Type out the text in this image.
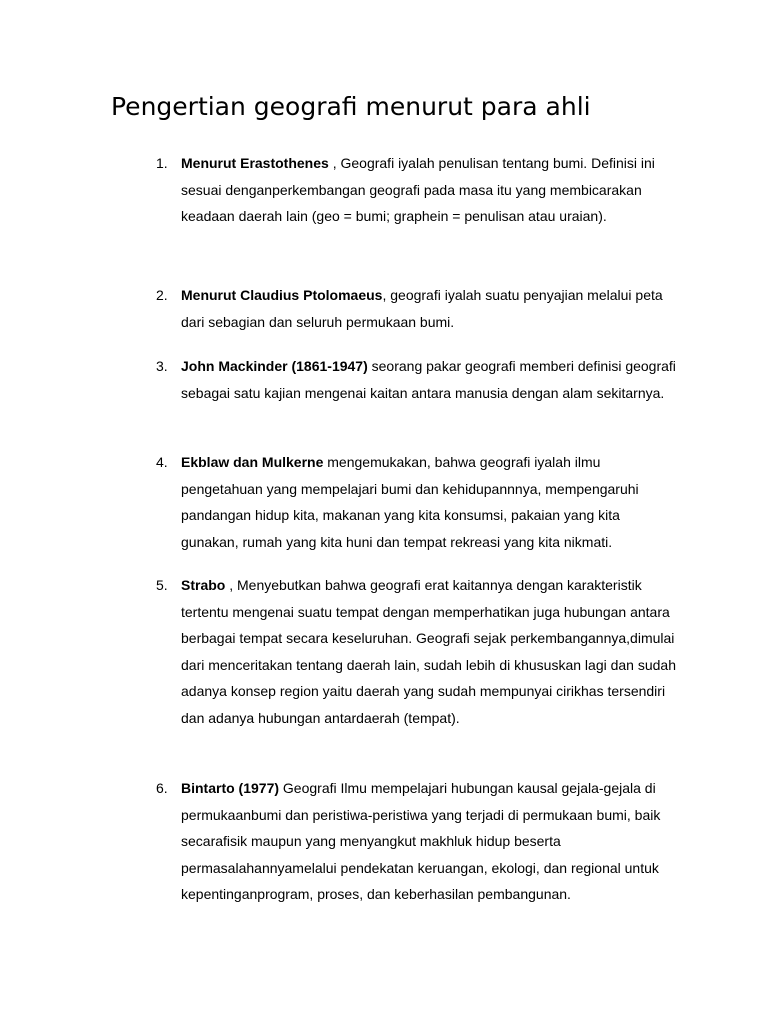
Pengertian geografi menurut para ahli
1. Menurut Erastothenes , Geografi iyalah penulisan tentang bumi. Definisi ini sesuai denganperkembangan geografi pada masa itu yang membicarakan keadaan daerah lain (geo = bumi; graphein = penulisan atau uraian).

2. Menurut Claudius Ptolomaeus, geografi iyalah suatu penyajian melalui peta dari sebagian dan seluruh permukaan bumi.

3. John Mackinder (1861-1947) seorang pakar geografi memberi definisi geografi sebagai satu kajian mengenai kaitan antara manusia dengan alam sekitarnya.

4. Ekblaw dan Mulkerne mengemukakan, bahwa geografi iyalah ilmu pengetahuan yang mempelajari bumi dan kehidupannnya, mempengaruhi pandangan hidup kita, makanan yang kita konsumsi, pakaian yang kita gunakan, rumah yang kita huni dan tempat rekreasi yang kita nikmati.

5. Strabo , Menyebutkan bahwa geografi erat kaitannya dengan karakteristik tertentu mengenai suatu tempat dengan memperhatikan juga hubungan antara berbagai tempat secara keseluruhan. Geografi sejak perkembangannya,dimulai dari menceritakan tentang daerah lain, sudah lebih di khususkan lagi dan sudah adanya konsep region yaitu daerah yang sudah mempunyai cirikhas tersendiri dan adanya hubungan antardaerah (tempat).

6. Bintarto (1977) Geografi Ilmu mempelajari hubungan kausal gejala-gejala di permukaanbumi dan peristiwa-peristiwa yang terjadi di permukaan bumi, baik secarafisik maupun yang menyangkut makhluk hidup beserta permasalahannyamelalui pendekatan keruangan, ekologi, dan regional untuk kepentinganprogram, proses, dan keberhasilan pembangunan.
